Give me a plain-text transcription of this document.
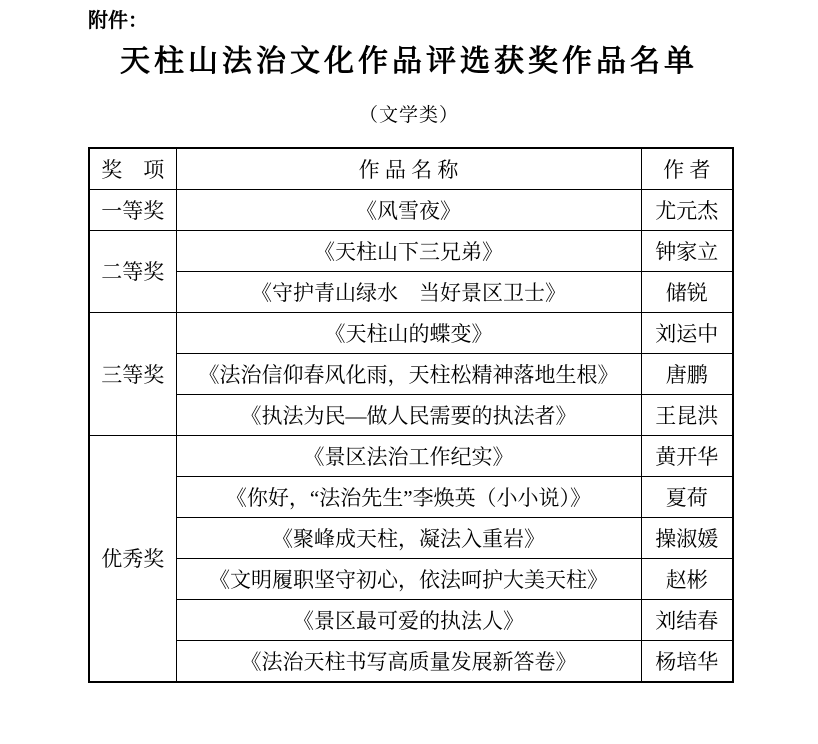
附件：
天柱山法治文化作品评选获奖作品名单
（文学类）
奖　项	作 品 名 称	作 者
一等奖	《风雪夜》	尤元杰
二等奖	《天柱山下三兄弟》	钟家立
	《守护青山绿水　当好景区卫士》	储锐
三等奖	《天柱山的蝶变》	刘运中
	《法治信仰春风化雨，天柱松精神落地生根》	唐鹏
	《执法为民—做人民需要的执法者》	王昆洪
优秀奖	《景区法治工作纪实》	黄开华
	《你好，“法治先生”李焕英（小小说）》	夏荷
	《聚峰成天柱，凝法入重岩》	操淑媛
	《文明履职坚守初心，依法呵护大美天柱》	赵彬
	《景区最可爱的执法人》	刘结春
	《法治天柱书写高质量发展新答卷》	杨培华
